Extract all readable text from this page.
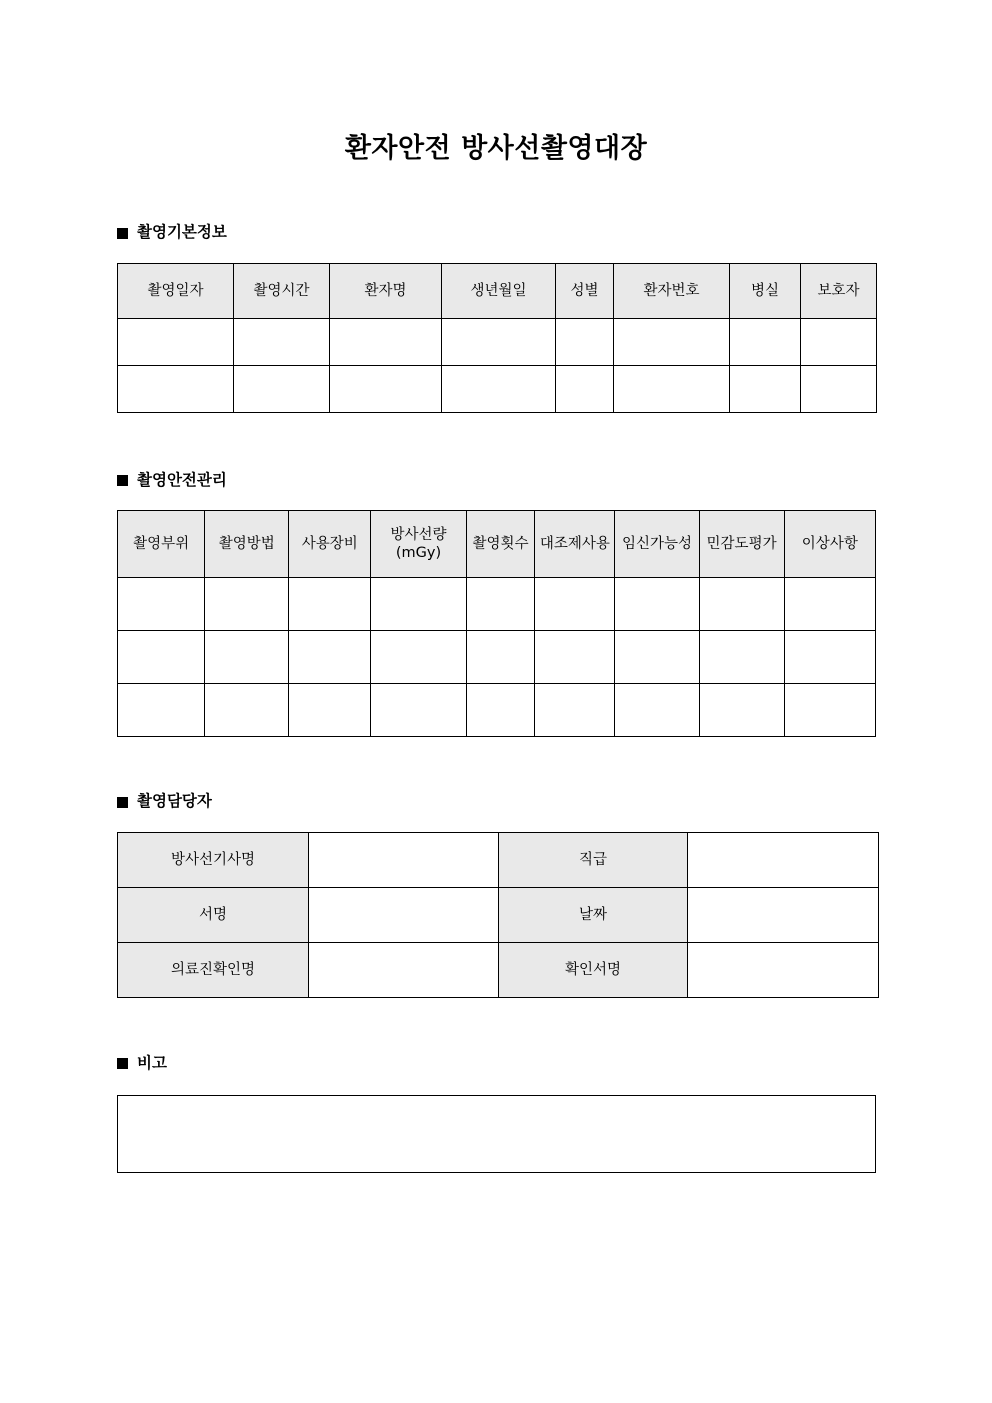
환자안전 방사선촬영대장
촬영기본정보
촬영일자	촬영시간	환자명	생년월일	성별	환자번호	병실	보호자

촬영안전관리
촬영부위	촬영방법	사용장비	방사선량(mGy)	촬영횟수	대조제사용	임신가능성	민감도평가	이상사항

촬영담당자
방사선기사명		직급	
서명		날짜	
의료진확인명		확인서명	
비고
